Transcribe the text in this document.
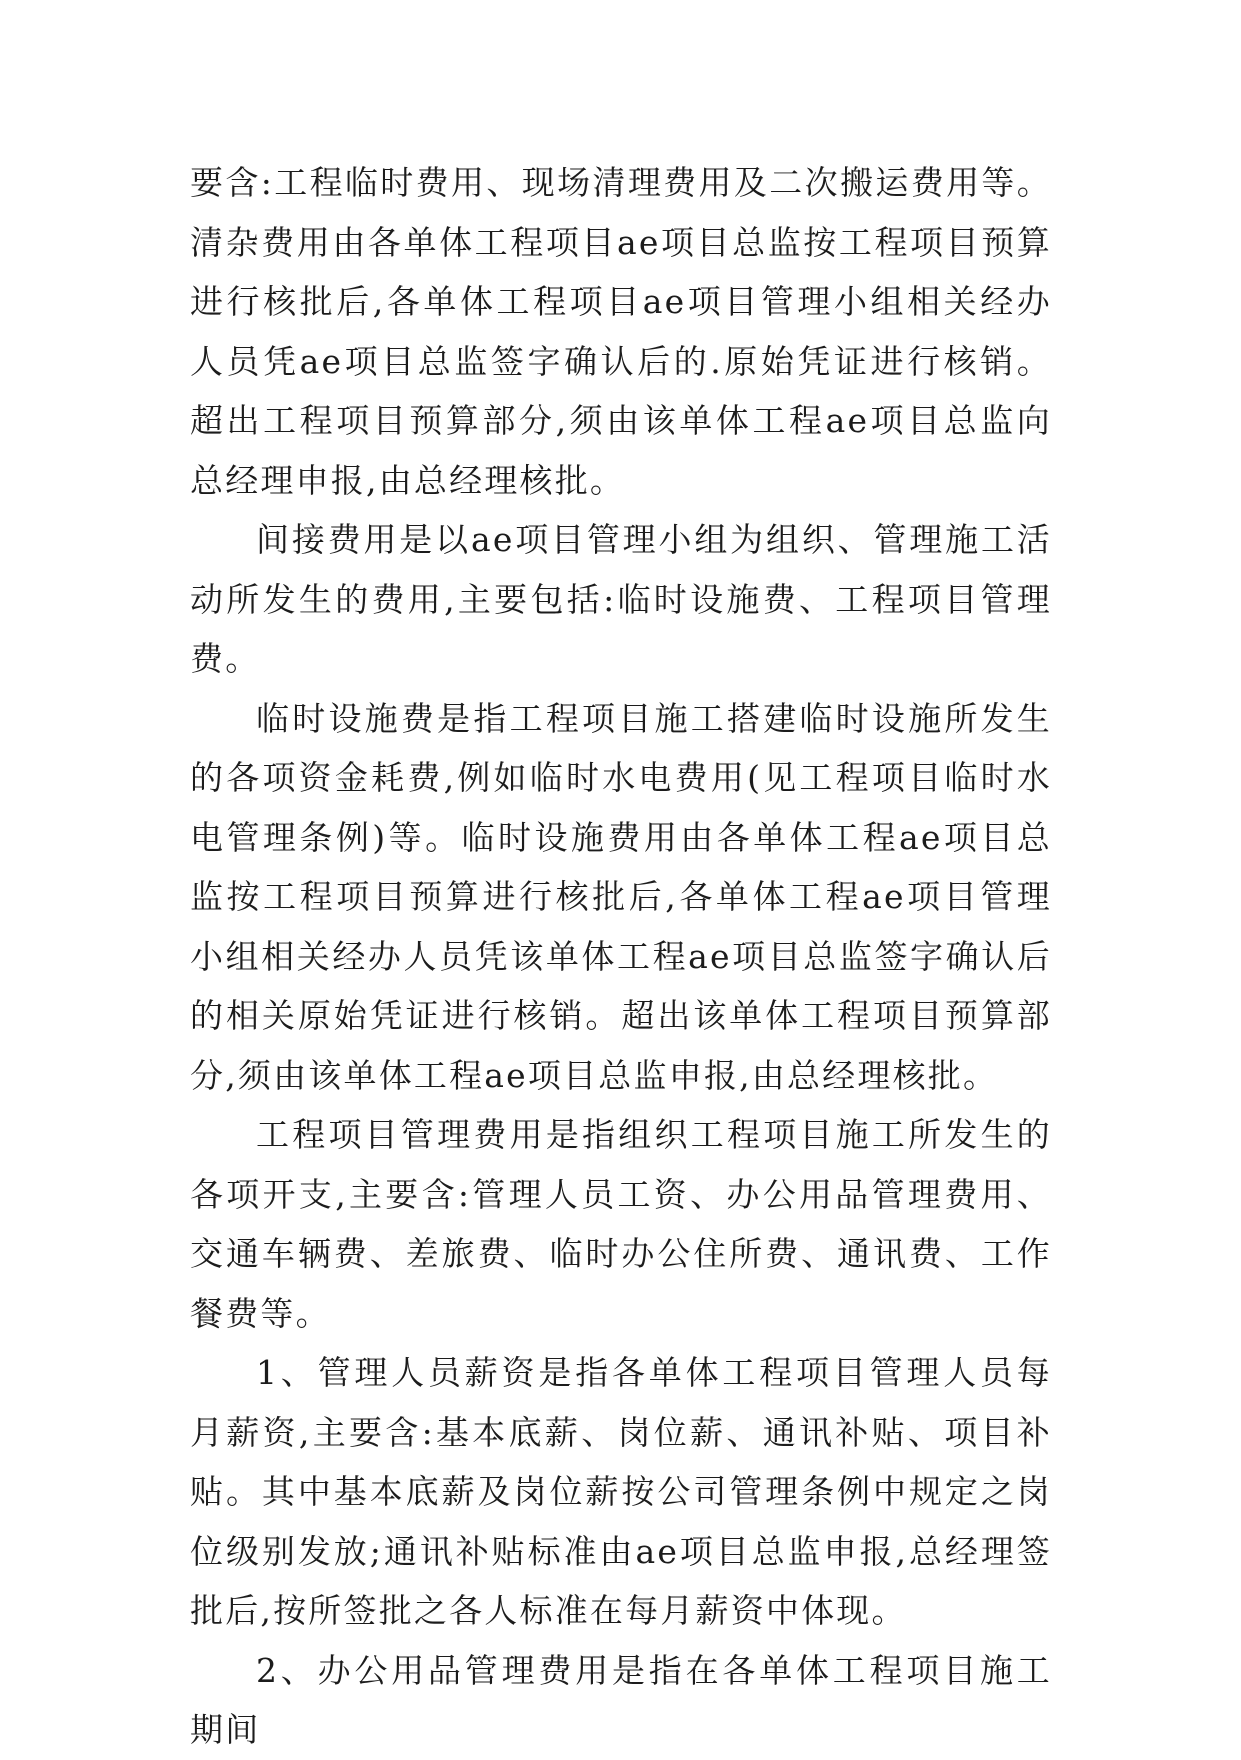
要含:工程临时费用、现场清理费用及二次搬运费用等。清杂费用由各单体工程项目ae项目总监按工程项目预算进行核批后,各单体工程项目ae项目管理小组相关经办人员凭ae项目总监签字确认后的.原始凭证进行核销。超出工程项目预算部分,须由该单体工程ae项目总监向总经理申报,由总经理核批。

间接费用是以ae项目管理小组为组织、管理施工活动所发生的费用,主要包括:临时设施费、工程项目管理费。

临时设施费是指工程项目施工搭建临时设施所发生的各项资金耗费,例如临时水电费用(见工程项目临时水电管理条例)等。临时设施费用由各单体工程ae项目总监按工程项目预算进行核批后,各单体工程ae项目管理小组相关经办人员凭该单体工程ae项目总监签字确认后的相关原始凭证进行核销。超出该单体工程项目预算部分,须由该单体工程ae项目总监申报,由总经理核批。

工程项目管理费用是指组织工程项目施工所发生的各项开支,主要含:管理人员工资、办公用品管理费用、交通车辆费、差旅费、临时办公住所费、通讯费、工作餐费等。

1、管理人员薪资是指各单体工程项目管理人员每月薪资,主要含:基本底薪、岗位薪、通讯补贴、项目补贴。其中基本底薪及岗位薪按公司管理条例中规定之岗位级别发放;通讯补贴标准由ae项目总监申报,总经理签批后,按所签批之各人标准在每月薪资中体现。

2、办公用品管理费用是指在各单体工程项目施工期间
